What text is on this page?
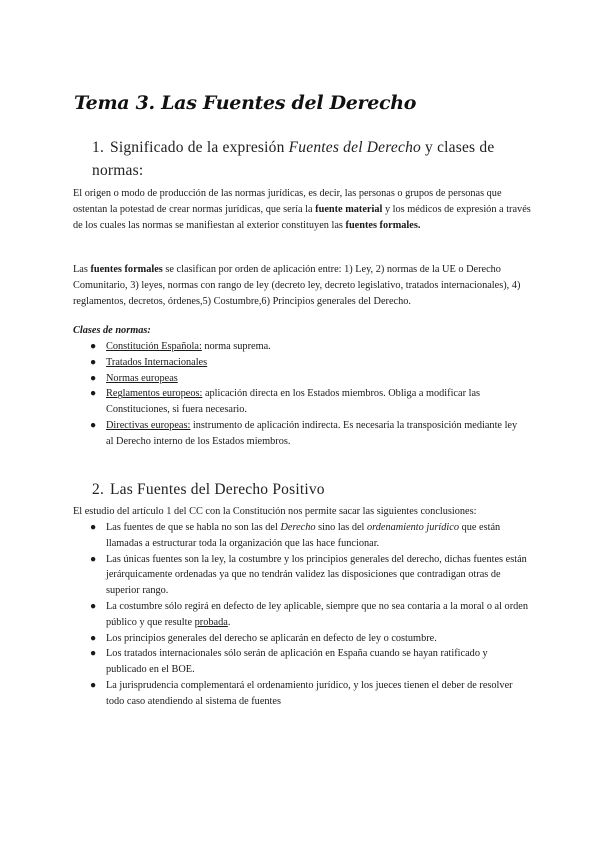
Tema 3. Las Fuentes del Derecho
1. Significado de la expresión Fuentes del Derecho y clases de normas:
El origen o modo de producción de las normas jurídicas, es decir, las personas o grupos de personas que ostentan la potestad de crear normas jurídicas, que sería la fuente material y los médicos de expresión a través de los cuales las normas se manifiestan al exterior constituyen las fuentes formales.
Las fuentes formales se clasifican por orden de aplicación entre: 1) Ley, 2) normas de la UE o Derecho Comunitario, 3) leyes, normas con rango de ley (decreto ley, decreto legislativo, tratados internacionales), 4) reglamentos, decretos, órdenes,5) Costumbre,6) Principios generales del Derecho.
Clases de normas:
● Constitución Española: norma suprema.
● Tratados Internacionales
● Normas europeas
● Reglamentos europeos: aplicación directa en los Estados miembros. Obliga a modificar las Constituciones, si fuera necesario.
● Directivas europeas: instrumento de aplicación indirecta. Es necesaria la transposición mediante ley al Derecho interno de los Estados miembros.
2. Las Fuentes del Derecho Positivo
El estudio del artículo 1 del CC con la Constitución nos permite sacar las siguientes conclusiones:
● Las fuentes de que se habla no son las del Derecho sino las del ordenamiento jurídico que están llamadas a estructurar toda la organización que las hace funcionar.
● Las únicas fuentes son la ley, la costumbre y los principios generales del derecho, dichas fuentes están jerárquicamente ordenadas ya que no tendrán validez las disposiciones que contradigan otras de superior rango.
● La costumbre sólo regirá en defecto de ley aplicable, siempre que no sea contaria a la moral o al orden público y que resulte probada.
● Los principios generales del derecho se aplicarán en defecto de ley o costumbre.
● Los tratados internacionales sólo serán de aplicación en España cuando se hayan ratificado y publicado en el BOE.
● La jurisprudencia complementará el ordenamiento jurídico, y los jueces tienen el deber de resolver todo caso atendiendo al sistema de fuentes
